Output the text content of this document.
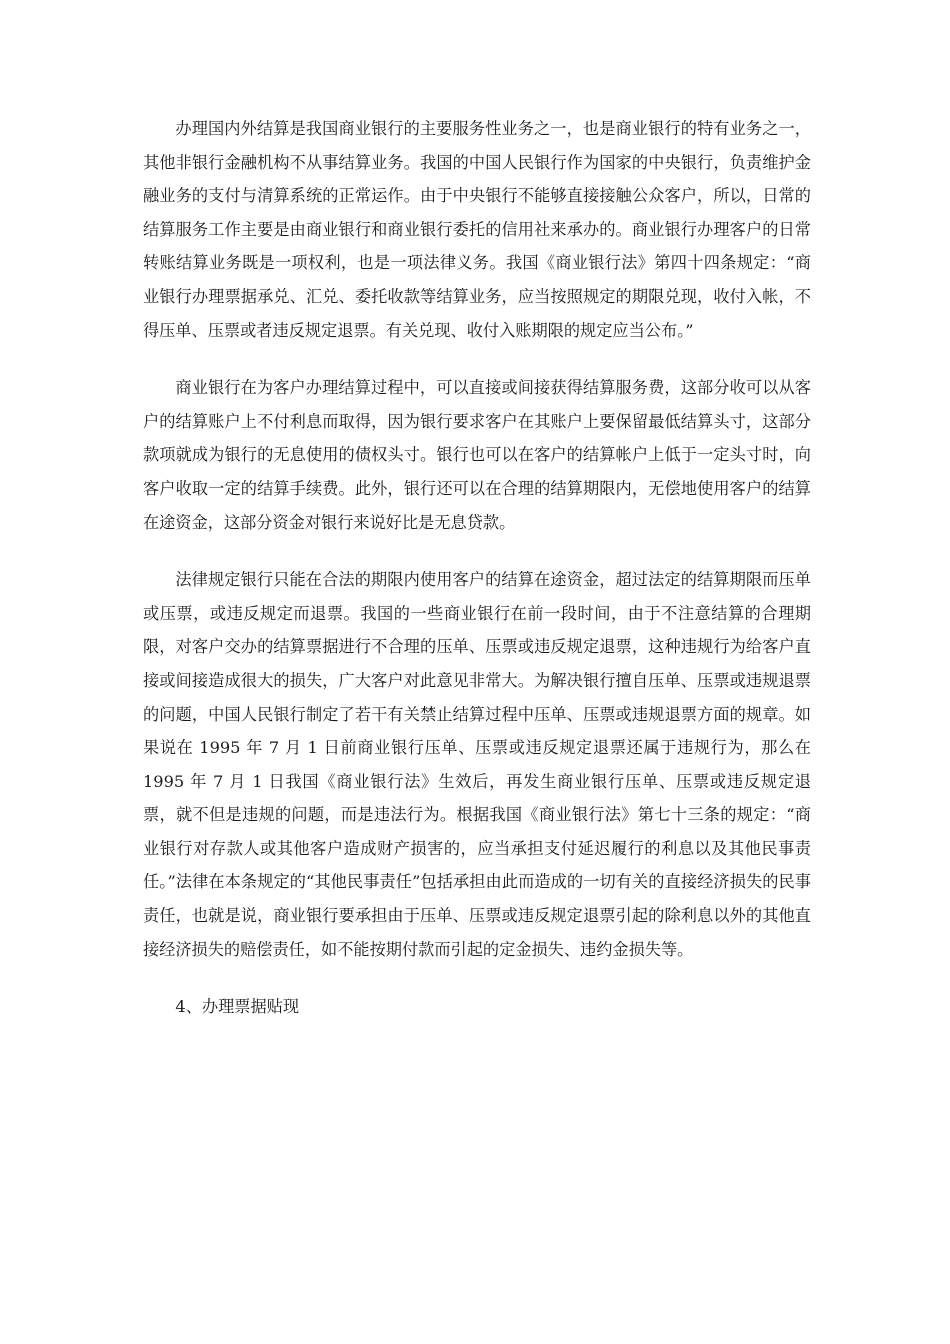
办理国内外结算是我国商业银行的主要服务性业务之一，也是商业银行的特有业务之一，其他非银行金融机构不从事结算业务。我国的中国人民银行作为国家的中央银行，负责维护金融业务的支付与清算系统的正常运作。由于中央银行不能够直接接触公众客户，所以，日常的结算服务工作主要是由商业银行和商业银行委托的信用社来承办的。商业银行办理客户的日常转账结算业务既是一项权利，也是一项法律义务。我国《商业银行法》第四十四条规定：“商业银行办理票据承兑、汇兑、委托收款等结算业务，应当按照规定的期限兑现，收付入帐，不得压单、压票或者违反规定退票。有关兑现、收付入账期限的规定应当公布。”

商业银行在为客户办理结算过程中，可以直接或间接获得结算服务费，这部分收可以从客户的结算账户上不付利息而取得，因为银行要求客户在其账户上要保留最低结算头寸，这部分款项就成为银行的无息使用的债权头寸。银行也可以在客户的结算帐户上低于一定头寸时，向客户收取一定的结算手续费。此外，银行还可以在合理的结算期限内，无偿地使用客户的结算在途资金，这部分资金对银行来说好比是无息贷款。

法律规定银行只能在合法的期限内使用客户的结算在途资金，超过法定的结算期限而压单或压票，或违反规定而退票。我国的一些商业银行在前一段时间，由于不注意结算的合理期限，对客户交办的结算票据进行不合理的压单、压票或违反规定退票，这种违规行为给客户直接或间接造成很大的损失，广大客户对此意见非常大。为解决银行擅自压单、压票或违规退票的问题，中国人民银行制定了若干有关禁止结算过程中压单、压票或违规退票方面的规章。如果说在 1995 年 7 月 1 日前商业银行压单、压票或违反规定退票还属于违规行为，那么在 1995 年 7 月 1 日我国《商业银行法》生效后，再发生商业银行压单、压票或违反规定退票，就不但是违规的问题，而是违法行为。根据我国《商业银行法》第七十三条的规定：“商业银行对存款人或其他客户造成财产损害的，应当承担支付延迟履行的利息以及其他民事责任。”法律在本条规定的“其他民事责任”包括承担由此而造成的一切有关的直接经济损失的民事责任，也就是说，商业银行要承担由于压单、压票或违反规定退票引起的除利息以外的其他直接经济损失的赔偿责任，如不能按期付款而引起的定金损失、违约金损失等。

4、办理票据贴现
